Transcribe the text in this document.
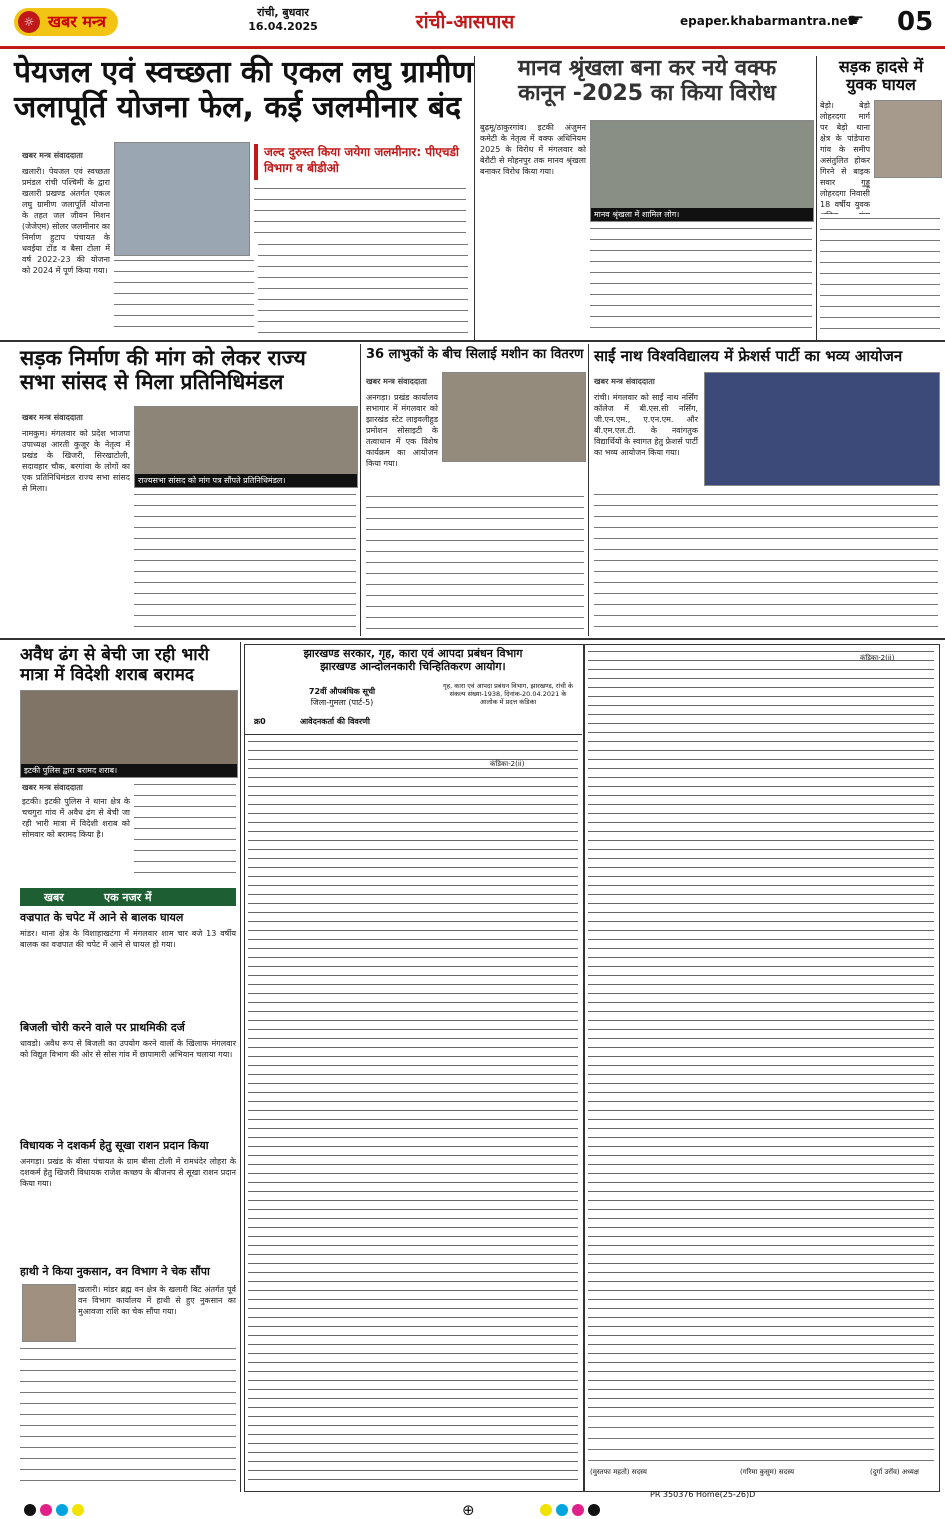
खबर मन्त्र
☼
रांची, बुधवार
16.04.2025	रांची-आसपास	epaper.khabarmantra.net
☛ 05
पेयजल एवं स्वच्छता की एकल लघु ग्रामीण
जलापूर्ति योजना फेल, कई जलमीनार बंद
खबर मन्त्र संवाददाता
खलारी। पेयजल एवं स्वच्छता प्रमंडल रांची पश्चिमी के द्वारा खलारी प्रखण्ड अंतर्गत एकल लघु ग्रामीण जलापूर्ति योजना के तहत जल जीवन मिशन (जेजेएम) सोलर जलमीनार का निर्माण हुटाप पंचायत के धवईया टोंड व बैसा टोला में वर्ष 2022-23 की योजना को 2024 में पूर्ण किया गया।
जल्द दुरुस्त किया जयेगा जलमीनार: पीएचडी विभाग व बीडीओ
मानव श्रृंखला बना कर नये वक्फ
कानून -2025 का किया विरोध
बुढ़मू/ठाकुरगांव। इटकी अंजुमन कमेटी के नेतृत्व में वक्फ अधिनियम 2025 के विरोध में मंगलवार को बेरौटी से मोहनपुर तक मानव श्रृंखला बनाकर विरोध किया गया।
मानव श्रृंखला में शामिल लोग।
सड़क हादसे में
युवक घायल
बेड़ो। बेड़ो लोहरदगा मार्ग पर बेड़ो थाना क्षेत्र के पांडेपारा गांव के समीप असंतुलित होकर गिरने से बाइक सवार गुड्डू लोहरदगा निवासी 18 वर्षीय युवक
सड़क निर्माण की मांग को लेकर राज्य
सभा सांसद से मिला प्रतिनिधिमंडल
खबर मन्त्र संवाददाता
नामकुम। मंगलवार को प्रदेश भाजपा उपाध्यक्ष आरती कुजूर के नेतृत्व में प्रखंड के खिजरी, सिरखाटोली, सदावहार चौक, बरगांवा के लोगों का एक प्रतिनिधिमंडल राज्य सभा सांसद से मिला।
राज्यसभा सांसद को मांग पत्र सौंपते प्रतिनिधिमंडल।
36 लाभुकों के बीच सिलाई मशीन का वितरण
खबर मन्त्र संवाददाता
अनगड़ा। प्रखंड कार्यालय सभागार में मंगलवार को झारखंड स्टेट लाइवलीहुड प्रमोशन सोसाइटी के तत्वाधान में एक विशेष कार्यक्रम का आयोजन किया गया।
साईं नाथ विश्वविद्यालय में फ्रेशर्स पार्टी का भव्य आयोजन
खबर मन्त्र संवाददाता
रांची। मंगलवार को साईं नाथ नर्सिंग कॉलेज में बी.एस.सी नर्सिंग, जी.एन.एम., ए.एन.एम. और बी.एम.एल.टी. के नवांगतुक विद्यार्थियों के स्वागत हेतु फ्रेशर्स पार्टी का भव्य आयोजन किया गया।
अवैध ढंग से बेची जा रही भारी
मात्रा में विदेशी शराब बरामद
इटकी पुलिस द्वारा बरामद शराब।
खबर मन्त्र संवाददाता
इटकी। इटकी पुलिस ने थाना क्षेत्र के चचगुरा गांव में अवैध ढंग से बेची जा रही भारी मात्रा में विदेशी शराब को सोमवार को बरामद किया है।
खबर	एक नजर में
वज्रपात के चपेट में आने से बालक घायल
मांडर। थाना क्षेत्र के विशाहाखटंगा में मंगलवार शाम चार बजे 13 वर्षीय बालक का वज्रपात की चपेट में आने से घायल हो गया।
बिजली चोरी करने वाले पर प्राथमिकी दर्ज
धावडो। अवैध रूप से बिजली का उपयोग करने वालों के खिलाफ मंगलवार को विद्युत विभाग की ओर से सोस गांव में छापामारी अभियान चलाया गया।
विधायक ने दशकर्म हेतु सूखा राशन प्रदान किया
अनगड़ा। प्रखंड के बीसा पंचायत के ग्राम बीसा टोली में रामधंदेर लोहरा के दशकर्म हेतु खिजरी विधायक राजेश कच्छप के बीजनप से सूखा राशन प्रदान किया गया।
हाथी ने किया नुकसान, वन विभाग ने चेक सौंपा
खलारी। मांडर ब्रह्म वन क्षेत्र के खलारी बिट अंतर्गत पूर्व वन विभाग कार्यालय में हाथी से हुए नुकसान का मुआवजा राशि का चेक सौंपा गया।
झारखण्ड सरकार, गृह, कारा एवं आपदा प्रबंधन विभाग
झारखण्ड आन्दोलनकारी चिन्हितिकरण आयोग।
72वीं औपबंधिक सूची
जिला-गुमला (पार्ट-5)
गृह, कारा एवं आपदा प्रबंधन विभाग, झारखण्ड, रांची के संकल्प संख्या-1938, दिनांक-20.04.2021 के आलोक में प्रदत्त कंडिका
क्र0	आवेदनकर्ता की विवरणी
कंडिका-2(ii)
कंडिका-2(ii)
(मुस्तफा महतो) सदस्य	(गरिमा कुसुम) सदस्य	(दुर्गा उरॉव) अध्यक्ष
PR 350376 Home(25-26)D
⊕
